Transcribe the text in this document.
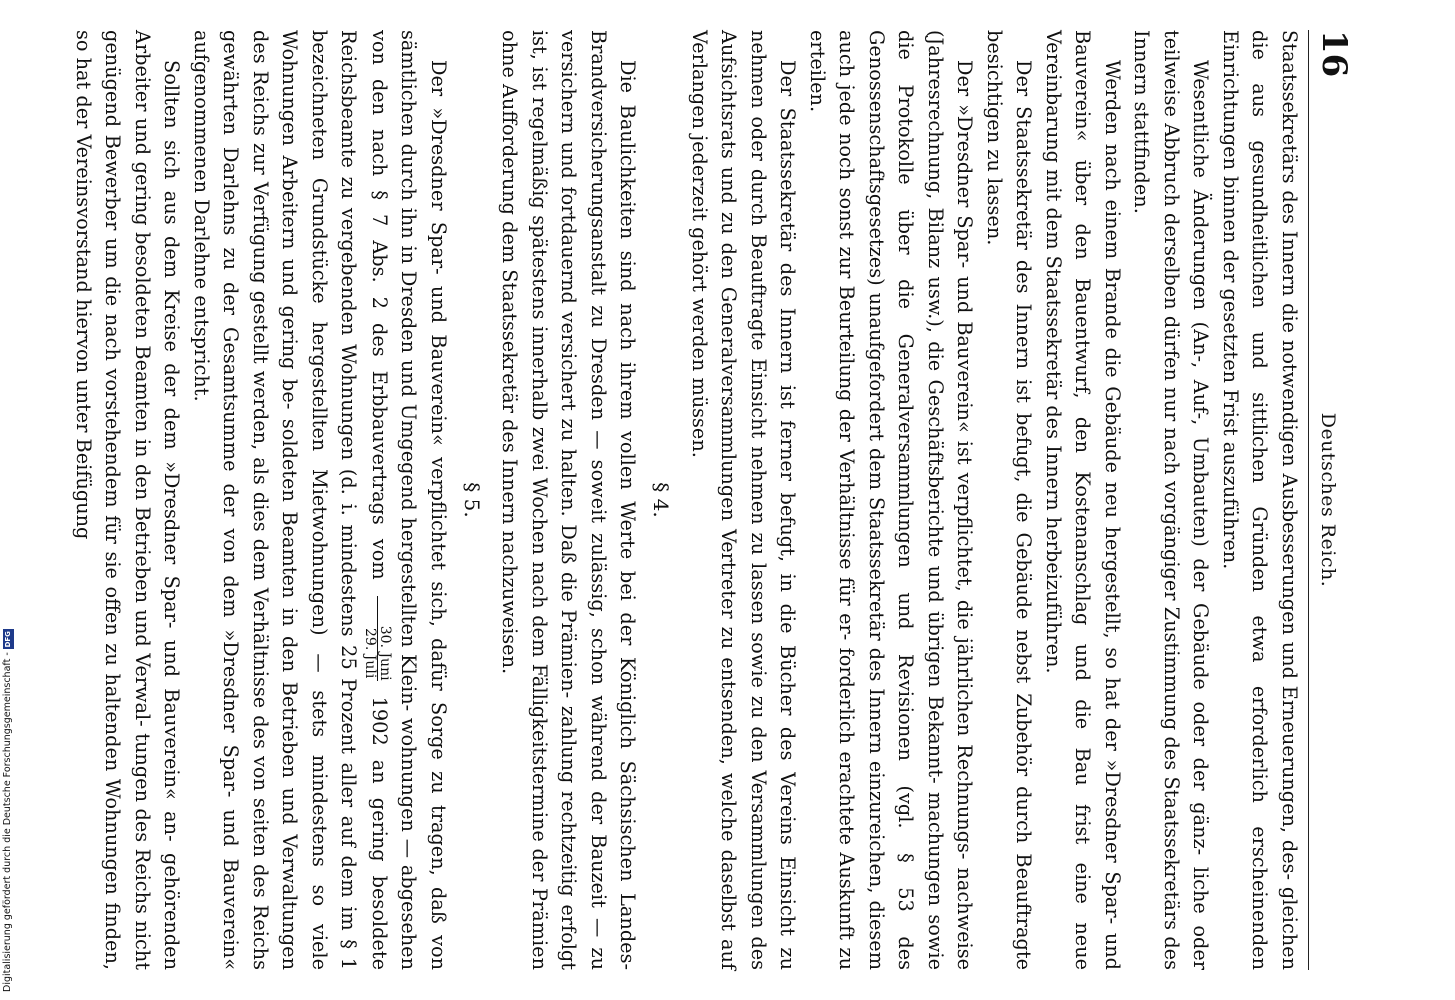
16
Deutsches Reich.

Staatssekretärs des Innern die notwendigen Ausbesserungen und Erneuerungen, des- gleichen die aus gesundheitlichen und sittlichen Gründen etwa erforderlich erscheinenden Einrichtungen binnen der gesetzten Frist auszuführen.

Wesentliche Änderungen (An-, Auf-, Umbauten) der Gebäude oder der gänz- liche oder teilweise Abbruch derselben dürfen nur nach vorgängiger Zustimmung des Staatssekretärs des Innern stattfinden.

Werden nach einem Brande die Gebäude neu hergestellt, so hat der »Dresdner Spar- und Bauverein« über den Bauentwurf, den Kostenanschlag und die Bau frist eine neue Vereinbarung mit dem Staatssekretär des Innern herbeizuführen.

Der Staatssekretär des Innern ist befugt, die Gebäude nebst Zubehör durch Beauftragte besichtigen zu lassen.

Der »Dresdner Spar- und Bauverein« ist verpflichtet, die jährlichen Rechnungs- nachweise (Jahresrechnung, Bilanz usw.), die Geschäftsberichte und übrigen Bekannt- machungen sowie die Protokolle über die Generalversammlungen und Revisionen (vgl. § 53 des Genossenschaftsgesetzes) unaufgefordert dem Staatssekretär des Innern einzureichen, diesem auch jede noch sonst zur Beurteilung der Verhältnisse für er- forderlich erachtete Auskunft zu erteilen.

Der Staatssekretär des Innern ist ferner befugt, in die Bücher des Vereins Einsicht zu nehmen oder durch Beauftragte Einsicht nehmen zu lassen sowie zu den Versammlungen des Aufsichtsrats und zu den Generalversammlungen Vertreter zu entsenden, welche daselbst auf Verlangen jederzeit gehört werden müssen.

§ 4.

Die Baulichkeiten sind nach ihrem vollen Werte bei der Königlich Sächsischen Landes-Brandversicherungsanstalt zu Dresden — soweit zulässig, schon während der Bauzeit — zu versichern und fortdauernd versichert zu halten. Daß die Prämien- zahlung rechtzeitig erfolgt ist, ist regelmäßig spätestens innerhalb zwei Wochen nach dem Fälligkeitstermine der Prämien ohne Aufforderung dem Staatssekretär des Innern nachzuweisen.

§ 5.

Der »Dresdner Spar- und Bauverein« verpflichtet sich, dafür Sorge zu tragen, daß von sämtlichen durch ihn in Dresden und Umgegend hergestellten Klein- wohnungen — abgesehen von den nach § 7 Abs. 2 des Erbbauvertrags vom
30. Juni
29. Juli
1902 an gering besoldete Reichsbeamte zu vergebenden Wohnungen (d. i. mindestens 25 Prozent aller auf dem im § 1 bezeichneten Grundstücke hergestellten Mietwohnungen) — stets mindestens so viele Wohnungen Arbeitern und gering be- soldeten Beamten in den Betrieben und Verwaltungen des Reichs zur Verfügung gestellt werden, als dies dem Verhältnisse des von seiten des Reichs gewährten Darlehns zu der Gesamtsumme der von dem »Dresdner Spar- und Bauverein« aufgenommenen Darlehne entspricht.

Sollten sich aus dem Kreise der dem »Dresdner Spar- und Bauverein« an- gehörenden Arbeiter und gering besoldeten Beamten in den Betrieben und Verwal- tungen des Reichs nicht genügend Bewerber um die nach vorstehendem für sie offen zu haltenden Wohnungen finden, so hat der Vereinsvorstand hiervon unter Beifügung

Digitalisierung gefördert durch die Deutsche Forschungsgemeinschaft -
DFG
